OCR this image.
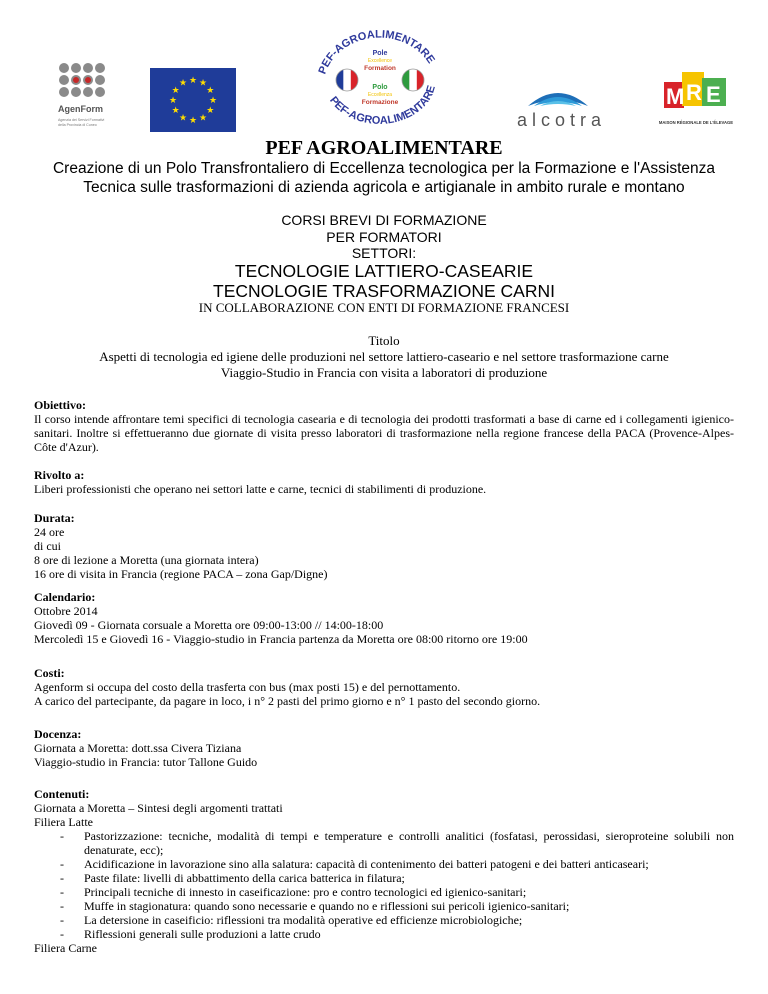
AgenForm
Agenzia dei Servizi Formativi
della Provincia di Cuneo
★ ★
★
★
★
★
★
★
★
★
★
★
PEF-AGROALIMENTARE
PEF-AGROALIMENTARE
Pole
Excellence
Formation
Polo
Eccellenza
Formazione
a l c o t r a
M R E
MAISON RÉGIONALE DE L'ÉLEVAGE
PEF AGROALIMENTARE
Creazione di un Polo Transfrontaliero di Eccellenza tecnologica per la Formazione e l'Assistenza
Tecnica sulle trasformazioni di azienda agricola e artigianale in ambito rurale e montano
CORSI BREVI DI FORMAZIONE
PER FORMATORI
SETTORI:
TECNOLOGIE LATTIERO-CASEARIE
TECNOLOGIE TRASFORMAZIONE CARNI
IN COLLABORAZIONE CON ENTI DI FORMAZIONE FRANCESI
Titolo
Aspetti di tecnologia ed igiene delle produzioni nel settore lattiero-caseario e nel settore trasformazione carne
Viaggio-Studio in Francia con visita a laboratori di produzione
Obiettivo:
Il corso intende affrontare temi specifici di tecnologia casearia e di tecnologia dei prodotti trasformati a base di carne ed i collegamenti igienico-sanitari. Inoltre si effettueranno due giornate di visita presso laboratori di trasformazione nella regione francese della PACA (Provence-Alpes-Côte d'Azur).
Rivolto a:
Liberi professionisti che operano nei settori latte e carne, tecnici di stabilimenti di produzione.
Durata:
24 ore
di cui
8 ore di lezione a Moretta (una giornata intera)
16 ore di visita in Francia (regione PACA – zona Gap/Digne)
Calendario:
Ottobre 2014
Giovedì 09 - Giornata corsuale a Moretta ore 09:00-13:00 // 14:00-18:00
Mercoledì 15 e Giovedì 16 - Viaggio-studio in Francia partenza da Moretta ore 08:00 ritorno ore 19:00
Costi:
Agenform si occupa del costo della trasferta con bus (max posti 15) e del pernottamento.
A carico del partecipante, da pagare in loco, i n° 2 pasti del primo giorno e n° 1 pasto del secondo giorno.
Docenza:
Giornata a Moretta: dott.ssa Civera Tiziana
Viaggio-studio in Francia: tutor Tallone Guido
Contenuti:
Giornata a Moretta – Sintesi degli argomenti trattati
Filiera Latte
- Pastorizzazione: tecniche, modalità di tempi e temperature e controlli analitici (fosfatasi, perossidasi, sieroproteine solubili non denaturate, ecc);
- Acidificazione in lavorazione sino alla salatura: capacità di contenimento dei batteri patogeni e dei batteri anticaseari;
- Paste filate: livelli di abbattimento della carica batterica in filatura;
- Principali tecniche di innesto in caseificazione: pro e contro tecnologici ed igienico-sanitari;
- Muffe in stagionatura: quando sono necessarie e quando no e riflessioni sui pericoli igienico-sanitari;
- La detersione in caseificio: riflessioni tra modalità operative ed efficienze microbiologiche;
- Riflessioni generali sulle produzioni a latte crudo
Filiera Carne
